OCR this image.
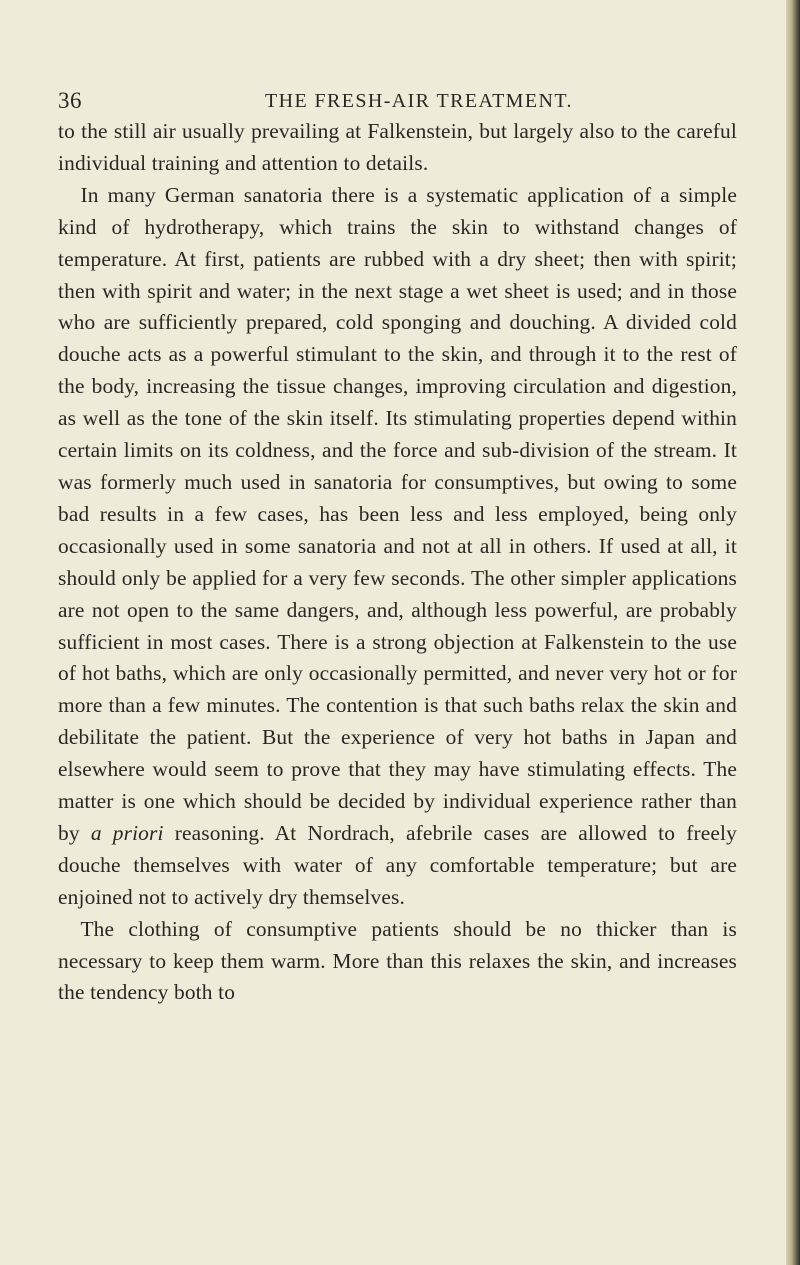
36	THE FRESH-AIR TREATMENT.

to the still air usually prevailing at Falkenstein, but largely also to the careful individual training and attention to details.

In many German sanatoria there is a systematic application of a simple kind of hydrotherapy, which trains the skin to withstand changes of temperature. At first, patients are rubbed with a dry sheet; then with spirit; then with spirit and water; in the next stage a wet sheet is used; and in those who are sufficiently prepared, cold sponging and douching. A divided cold douche acts as a powerful stimulant to the skin, and through it to the rest of the body, increasing the tissue changes, improving circulation and digestion, as well as the tone of the skin itself. Its stimulating properties depend within certain limits on its coldness, and the force and sub-division of the stream. It was formerly much used in sanatoria for consumptives, but owing to some bad results in a few cases, has been less and less employed, being only occasionally used in some sanatoria and not at all in others. If used at all, it should only be applied for a very few seconds. The other simpler applications are not open to the same dangers, and, although less powerful, are probably sufficient in most cases. There is a strong objection at Falkenstein to the use of hot baths, which are only occasionally permitted, and never very hot or for more than a few minutes. The contention is that such baths relax the skin and debilitate the patient. But the experience of very hot baths in Japan and elsewhere would seem to prove that they may have stimulating effects. The matter is one which should be decided by individual experience rather than by a priori reasoning. At Nordrach, afebrile cases are allowed to freely douche themselves with water of any comfortable temperature; but are enjoined not to actively dry themselves.

The clothing of consumptive patients should be no thicker than is necessary to keep them warm. More than this relaxes the skin, and increases the tendency both to
